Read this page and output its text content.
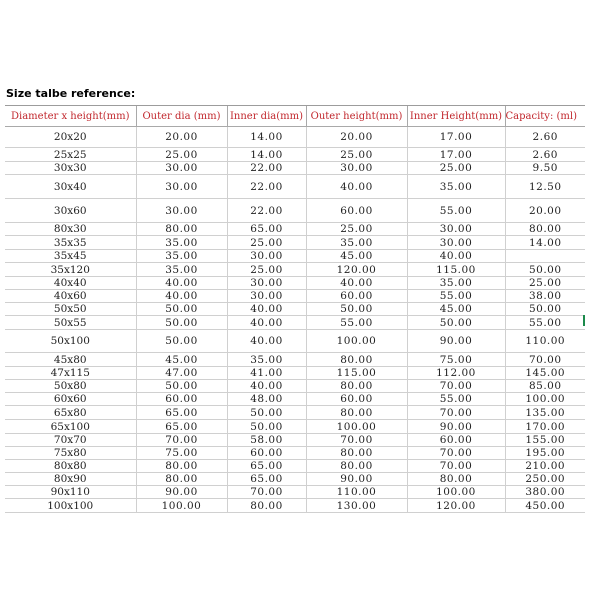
Size talbe reference:
Diameter x height(mm)	Outer dia (mm)	Inner dia(mm)	Outer height(mm)	Inner Height(mm)	Capacity: (ml)
20x20	20.00	14.00	20.00	17.00	2.60
25x25	25.00	14.00	25.00	17.00	2.60
30x30	30.00	22.00	30.00	25.00	9.50
30x40	30.00	22.00	40.00	35.00	12.50
30x60	30.00	22.00	60.00	55.00	20.00
80x30	80.00	65.00	25.00	30.00	80.00
35x35	35.00	25.00	35.00	30.00	14.00
35x45	35.00	30.00	45.00	40.00	
35x120	35.00	25.00	120.00	115.00	50.00
40x40	40.00	30.00	40.00	35.00	25.00
40x60	40.00	30.00	60.00	55.00	38.00
50x50	50.00	40.00	50.00	45.00	50.00
50x55	50.00	40.00	55.00	50.00	55.00
50x100	50.00	40.00	100.00	90.00	110.00
45x80	45.00	35.00	80.00	75.00	70.00
47x115	47.00	41.00	115.00	112.00	145.00
50x80	50.00	40.00	80.00	70.00	85.00
60x60	60.00	48.00	60.00	55.00	100.00
65x80	65.00	50.00	80.00	70.00	135.00
65x100	65.00	50.00	100.00	90.00	170.00
70x70	70.00	58.00	70.00	60.00	155.00
75x80	75.00	60.00	80.00	70.00	195.00
80x80	80.00	65.00	80.00	70.00	210.00
80x90	80.00	65.00	90.00	80.00	250.00
90x110	90.00	70.00	110.00	100.00	380.00
100x100	100.00	80.00	130.00	120.00	450.00
